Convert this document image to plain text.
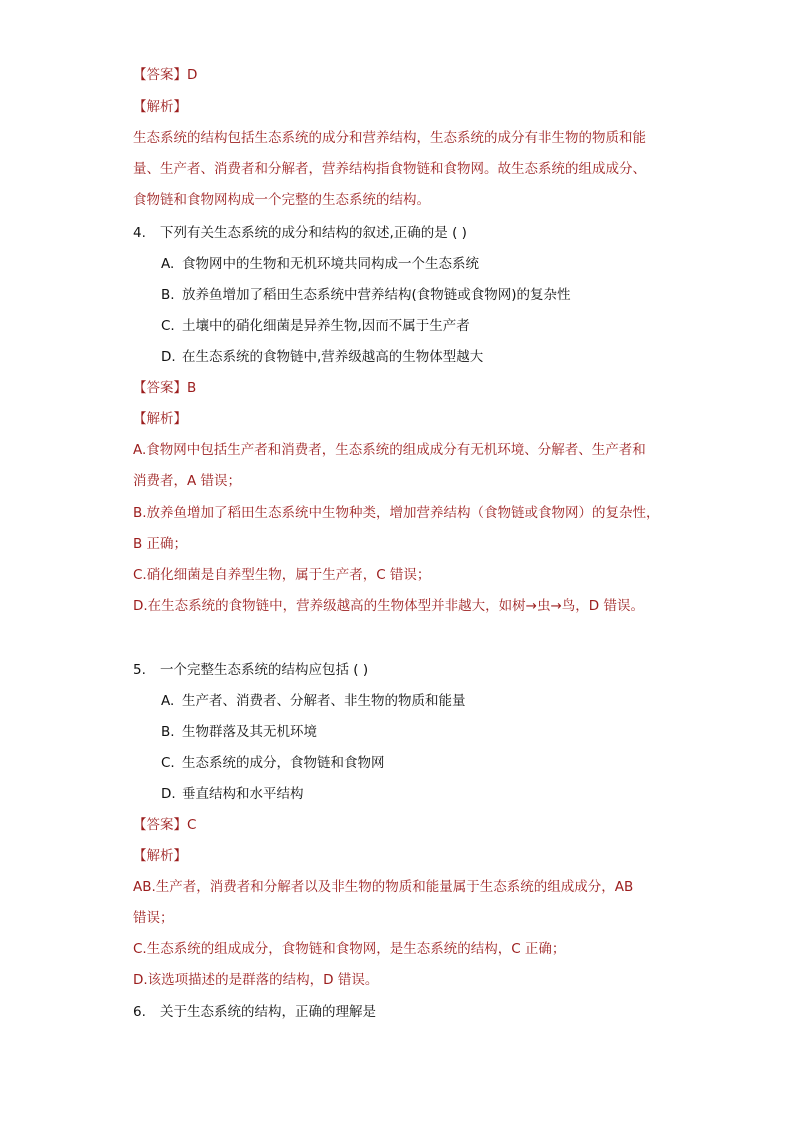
【答案】D
【解析】
生态系统的结构包括生态系统的成分和营养结构，生态系统的成分有非生物的物质和能
量、生产者、消费者和分解者，营养结构指食物链和食物网。故生态系统的组成成分、
食物链和食物网构成一个完整的生态系统的结构。
4. 下列有关生态系统的成分和结构的叙述,正确的是 ( )
A. 食物网中的生物和无机环境共同构成一个生态系统
B. 放养鱼增加了稻田生态系统中营养结构(食物链或食物网)的复杂性
C. 土壤中的硝化细菌是异养生物,因而不属于生产者
D. 在生态系统的食物链中,营养级越高的生物体型越大
【答案】B
【解析】
A.食物网中包括生产者和消费者，生态系统的组成成分有无机环境、分解者、生产者和
消费者，A 错误；
B.放养鱼增加了稻田生态系统中生物种类，增加营养结构（食物链或食物网）的复杂性，
B 正确；
C.硝化细菌是自养型生物，属于生产者，C 错误；
D.在生态系统的食物链中，营养级越高的生物体型并非越大，如树→虫→鸟，D 错误。
5. 一个完整生态系统的结构应包括 ( )
A. 生产者、消费者、分解者、非生物的物质和能量
B. 生物群落及其无机环境
C. 生态系统的成分，食物链和食物网
D. 垂直结构和水平结构
【答案】C
【解析】
AB.生产者，消费者和分解者以及非生物的物质和能量属于生态系统的组成成分，AB
错误；
C.生态系统的组成成分，食物链和食物网，是生态系统的结构，C 正确；
D.该选项描述的是群落的结构，D 错误。
6. 关于生态系统的结构，正确的理解是
